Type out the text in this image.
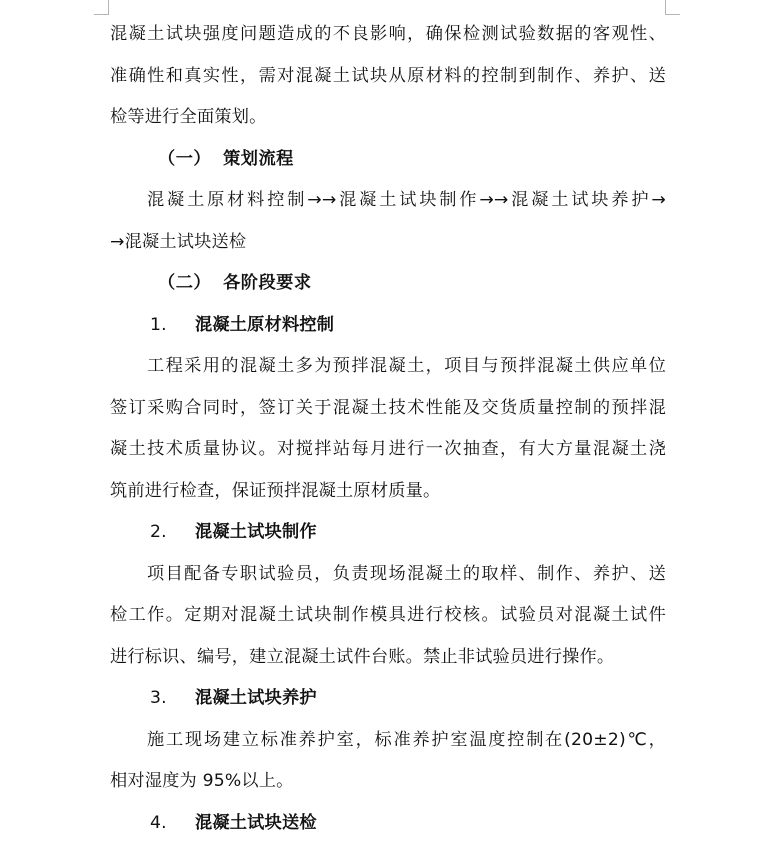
混凝土试块强度问题造成的不良影响，确保检测试验数据的客观性、
准确性和真实性，需对混凝土试块从原材料的控制到制作、养护、送
检等进行全面策划。
（一） 策划流程
混凝土原材料控制→→混凝土试块制作→→混凝土试块养护→
→混凝土试块送检
（二） 各阶段要求
1. 混凝土原材料控制
工程采用的混凝土多为预拌混凝土，项目与预拌混凝土供应单位
签订采购合同时，签订关于混凝土技术性能及交货质量控制的预拌混
凝土技术质量协议。对搅拌站每月进行一次抽查，有大方量混凝土浇
筑前进行检查，保证预拌混凝土原材质量。
2. 混凝土试块制作
项目配备专职试验员，负责现场混凝土的取样、制作、养护、送
检工作。定期对混凝土试块制作模具进行校核。试验员对混凝土试件
进行标识、编号，建立混凝土试件台账。禁止非试验员进行操作。
3. 混凝土试块养护
施工现场建立标准养护室，标准养护室温度控制在(20±2)℃，
相对湿度为 95%以上。
4. 混凝土试块送检
